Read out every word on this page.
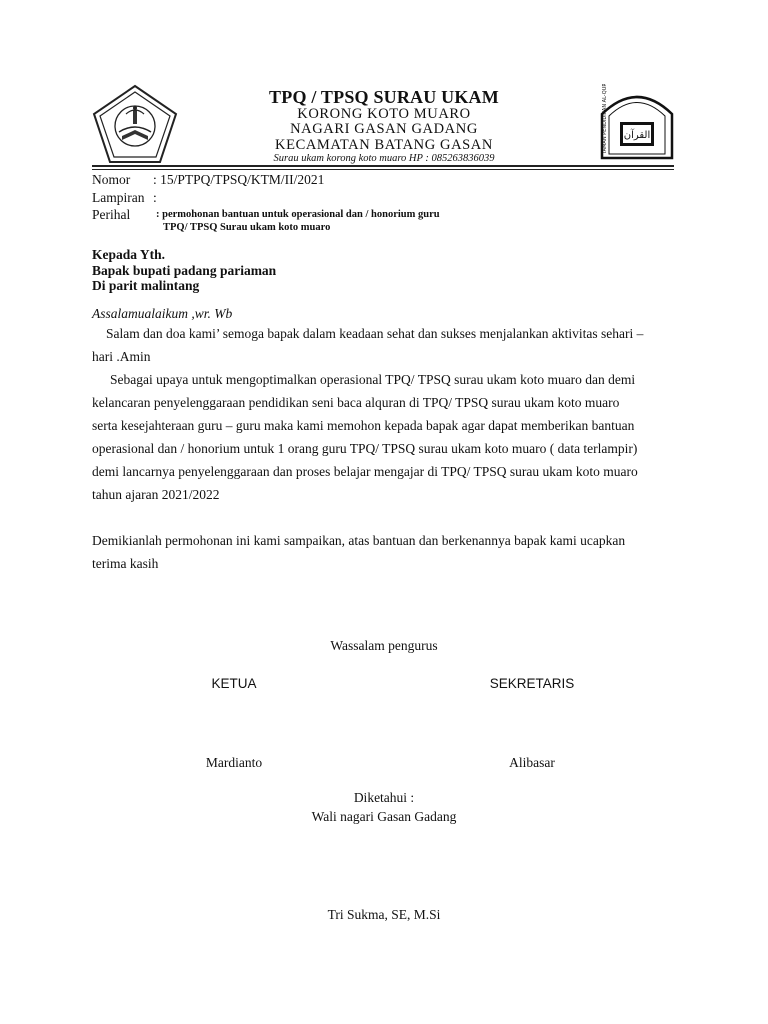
TPQ / TPSQ SURAU UKAM
KORONG KOTO MUARO
NAGARI GASAN GADANG
KECAMATAN BATANG GASAN
Surau ukam korong koto muaro HP : 085263836039
القرآن
TAMAN PENDIDIKAN AL-QUR'AN
Nomor : 15/PTPQ/TPSQ/KTM/II/2021
Lampiran :
Perihal : permohonan bantuan untuk operasional dan / honorium guru
TPQ/ TPSQ Surau ukam koto muaro
Kepada Yth.
Bapak bupati padang pariaman
Di parit malintang
Assalamualaikum ,wr. Wb
Salam dan doa kami’ semoga bapak dalam keadaan sehat dan sukses menjalankan aktivitas sehari –
hari .Amin
Sebagai upaya untuk mengoptimalkan operasional TPQ/ TPSQ surau ukam koto muaro dan demi
kelancaran penyelenggaraan pendidikan seni baca alquran di TPQ/ TPSQ surau ukam koto muaro
serta kesejahteraan guru – guru maka kami memohon kepada bapak agar dapat memberikan bantuan
operasional dan / honorium untuk 1 orang guru TPQ/ TPSQ surau ukam koto muaro ( data terlampir)
demi lancarnya penyelenggaraan dan proses belajar mengajar di TPQ/ TPSQ surau ukam koto muaro
tahun ajaran 2021/2022
Demikianlah permohonan ini kami sampaikan, atas bantuan dan berkenannya bapak kami ucapkan
terima kasih
Wassalam pengurus
KETUA	SEKRETARIS
Mardianto	Alibasar
Diketahui :
Wali nagari Gasan Gadang
Tri Sukma, SE, M.Si
